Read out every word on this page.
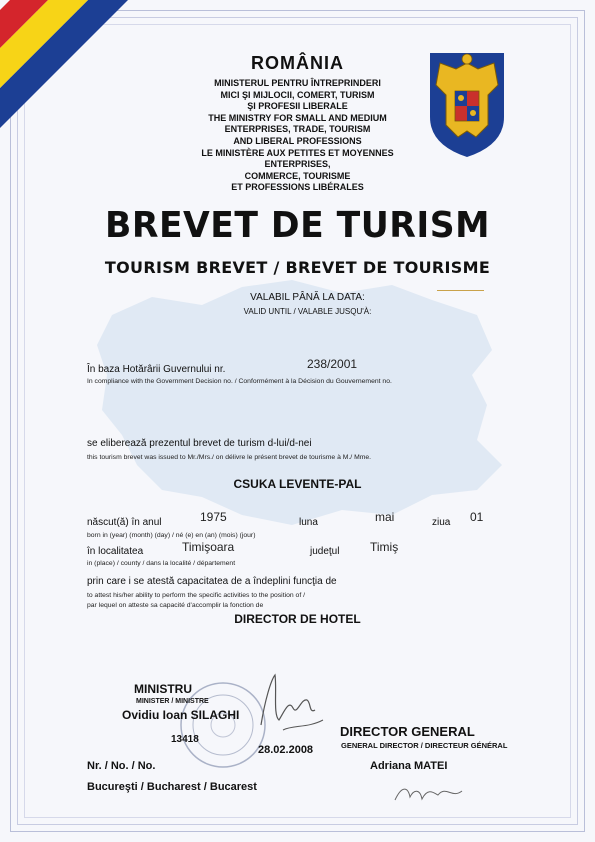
ROMÂNIA
MINISTERUL PENTRU ÎNTREPRINDERI
MICI ŞI MIJLOCII, COMERT, TURISM
ŞI PROFESII LIBERALE
THE MINISTRY FOR SMALL AND MEDIUM
ENTERPRISES, TRADE, TOURISM
AND LIBERAL PROFESSIONS
LE MINISTÈRE AUX PETITES ET MOYENNES
ENTERPRISES,
COMMERCE, TOURISME
ET PROFESSIONS LIBÉRALES
BREVET DE TURISM
TOURISM BREVET / BREVET DE TOURISME
VALABIL PÂNĂ LA DATA:
VALID UNTIL / VALABLE JUSQU'À:
În baza Hotărârii Guvernului nr.	238/2001
In compliance with the Government Decision no. / Conformément à la Décision du Gouvernement no.
se eliberează prezentul brevet de turism d-lui/d-nei
this tourism brevet was issued to Mr./Mrs./ on délivre le présent brevet de tourisme à M./ Mme.
CSUKA LEVENTE-PAL
născut(ă) în anul	1975	luna	mai	ziua 01
born in (year) (month) (day) / né (e) en (an) (mois) (jour)
în localitatea	Timişoara	judeţul	Timiş
in (place) / county / dans la localité / département
prin care i se atestă capacitatea de a îndeplini funcţia de
to attest his/her ability to perform the specific activities to the position of /
par lequel on atteste sa capacité d'accomplir la fonction de
DIRECTOR DE HOTEL
MINISTRU
MINISTER / MINISTRE
Ovidiu Ioan SILAGHI
13418
28.02.2008
DIRECTOR GENERAL
GENERAL DIRECTOR / DIRECTEUR GÉNÉRAL
Adriana MATEI
Nr. / No. / No.
Bucureşti / Bucharest / Bucarest
